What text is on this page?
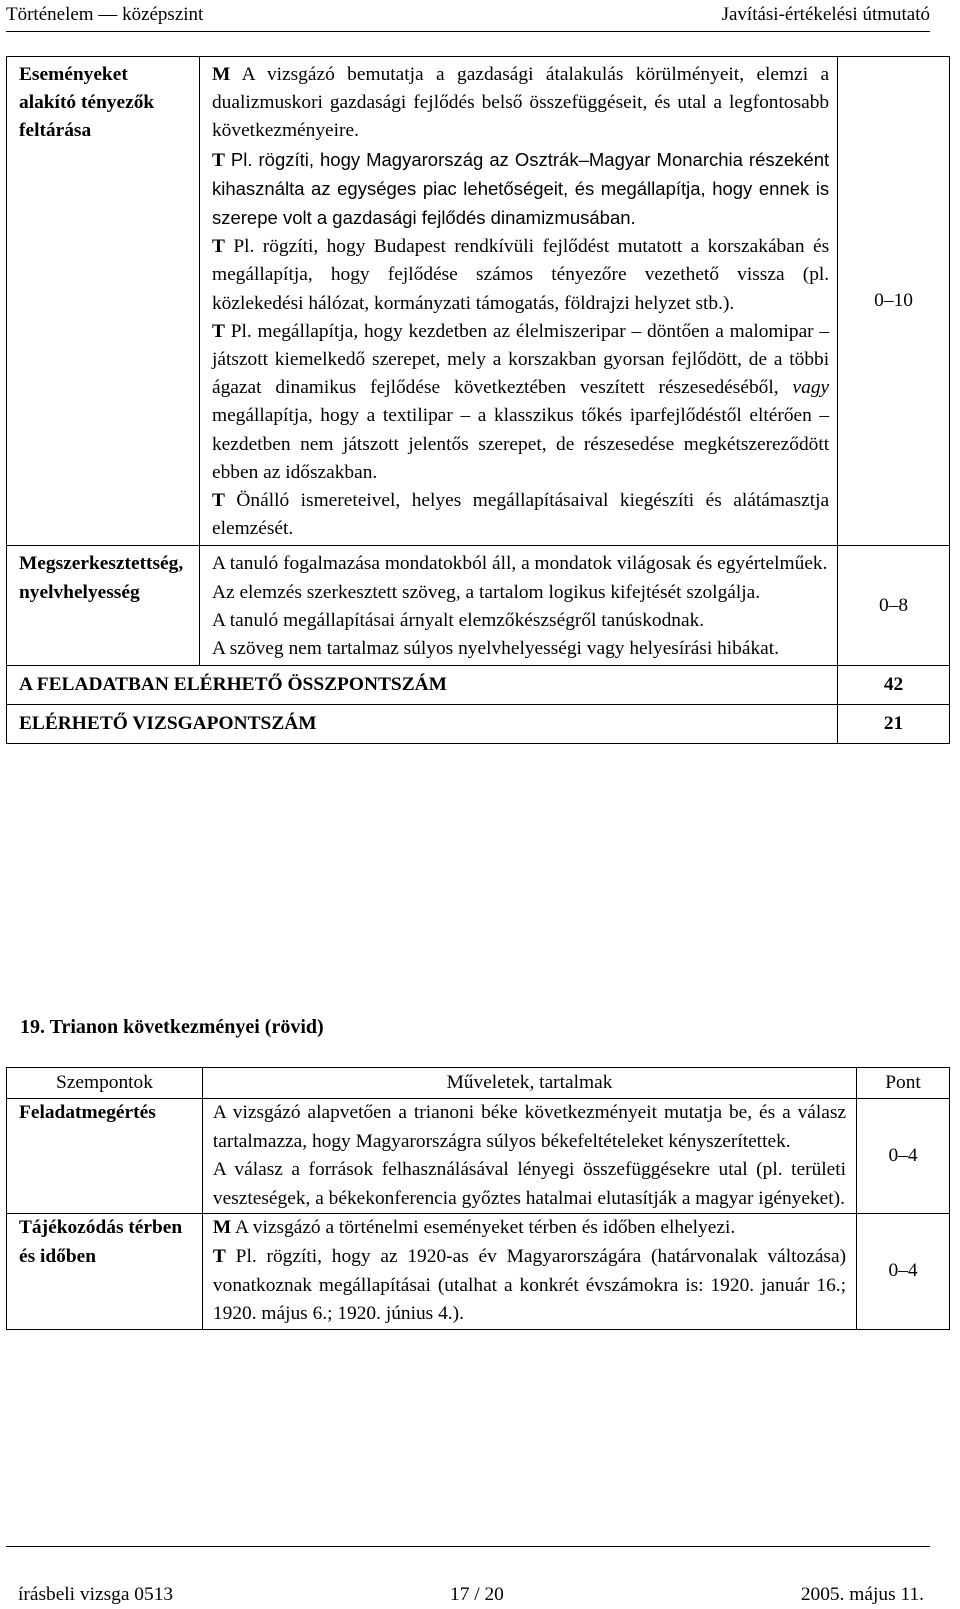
Történelem — középszint	Javítási-értékelési útmutató
Eseményeket alakító tényezők feltárása	M A vizsgázó bemutatja a gazdasági átalakulás körülményeit, elemzi a dualizmuskori gazdasági fejlődés belső összefüggéseit, és utal a legfontosabb következményeire.

T Pl. rögzíti, hogy Magyarország az Osztrák–Magyar Monarchia részeként kihasználta az egységes piac lehetőségeit, és megállapítja, hogy ennek is szerepe volt a gazdasági fejlődés dinamizmusában.

T Pl. rögzíti, hogy Budapest rendkívüli fejlődést mutatott a korszakában és megállapítja, hogy fejlődése számos tényezőre vezethető vissza (pl. közlekedési hálózat, kormányzati támogatás, földrajzi helyzet stb.).

T Pl. megállapítja, hogy kezdetben az élelmiszeripar – döntően a malomipar – játszott kiemelkedő szerepet, mely a korszakban gyorsan fejlődött, de a többi ágazat dinamikus fejlődése következtében veszített részesedéséből, vagy megállapítja, hogy a textilipar – a klasszikus tőkés iparfejlődéstől eltérően – kezdetben nem játszott jelentős szerepet, de részesedése megkétszereződött ebben az időszakban.

T Önálló ismereteivel, helyes megállapításaival kiegészíti és alátámasztja elemzését.	0–10
Megszerkesztettség, nyelvhelyesség	A tanuló fogalmazása mondatokból áll, a mondatok világosak és egyértelműek.

Az elemzés szerkesztett szöveg, a tartalom logikus kifejtését szolgálja.

A tanuló megállapításai árnyalt elemzőkészségről tanúskodnak.

A szöveg nem tartalmaz súlyos nyelvhelyességi vagy helyesírási hibákat.	0–8
A FELADATBAN ELÉRHETŐ ÖSSZPONTSZÁM		42
ELÉRHETŐ VIZSGAPONTSZÁM		21
19. Trianon következményei (rövid)
Szempontok	Műveletek, tartalmak	Pont
Feladatmegértés	A vizsgázó alapvetően a trianoni béke következményeit mutatja be, és a válasz tartalmazza, hogy Magyarországra súlyos békefeltételeket kényszerítettek.

A válasz a források felhasználásával lényegi összefüggésekre utal (pl. területi veszteségek, a békekonferencia győztes hatalmai elutasítják a magyar igényeket).	0–4
Tájékozódás térben és időben	M A vizsgázó a történelmi eseményeket térben és időben elhelyezi.

T Pl. rögzíti, hogy az 1920-as év Magyarországára (határvonalak változása) vonatkoznak megállapításai (utalhat a konkrét évszámokra is: 1920. január 16.; 1920. május 6.; 1920. június 4.).	0–4
írásbeli vizsga 0513	17 / 20	2005. május 11.
